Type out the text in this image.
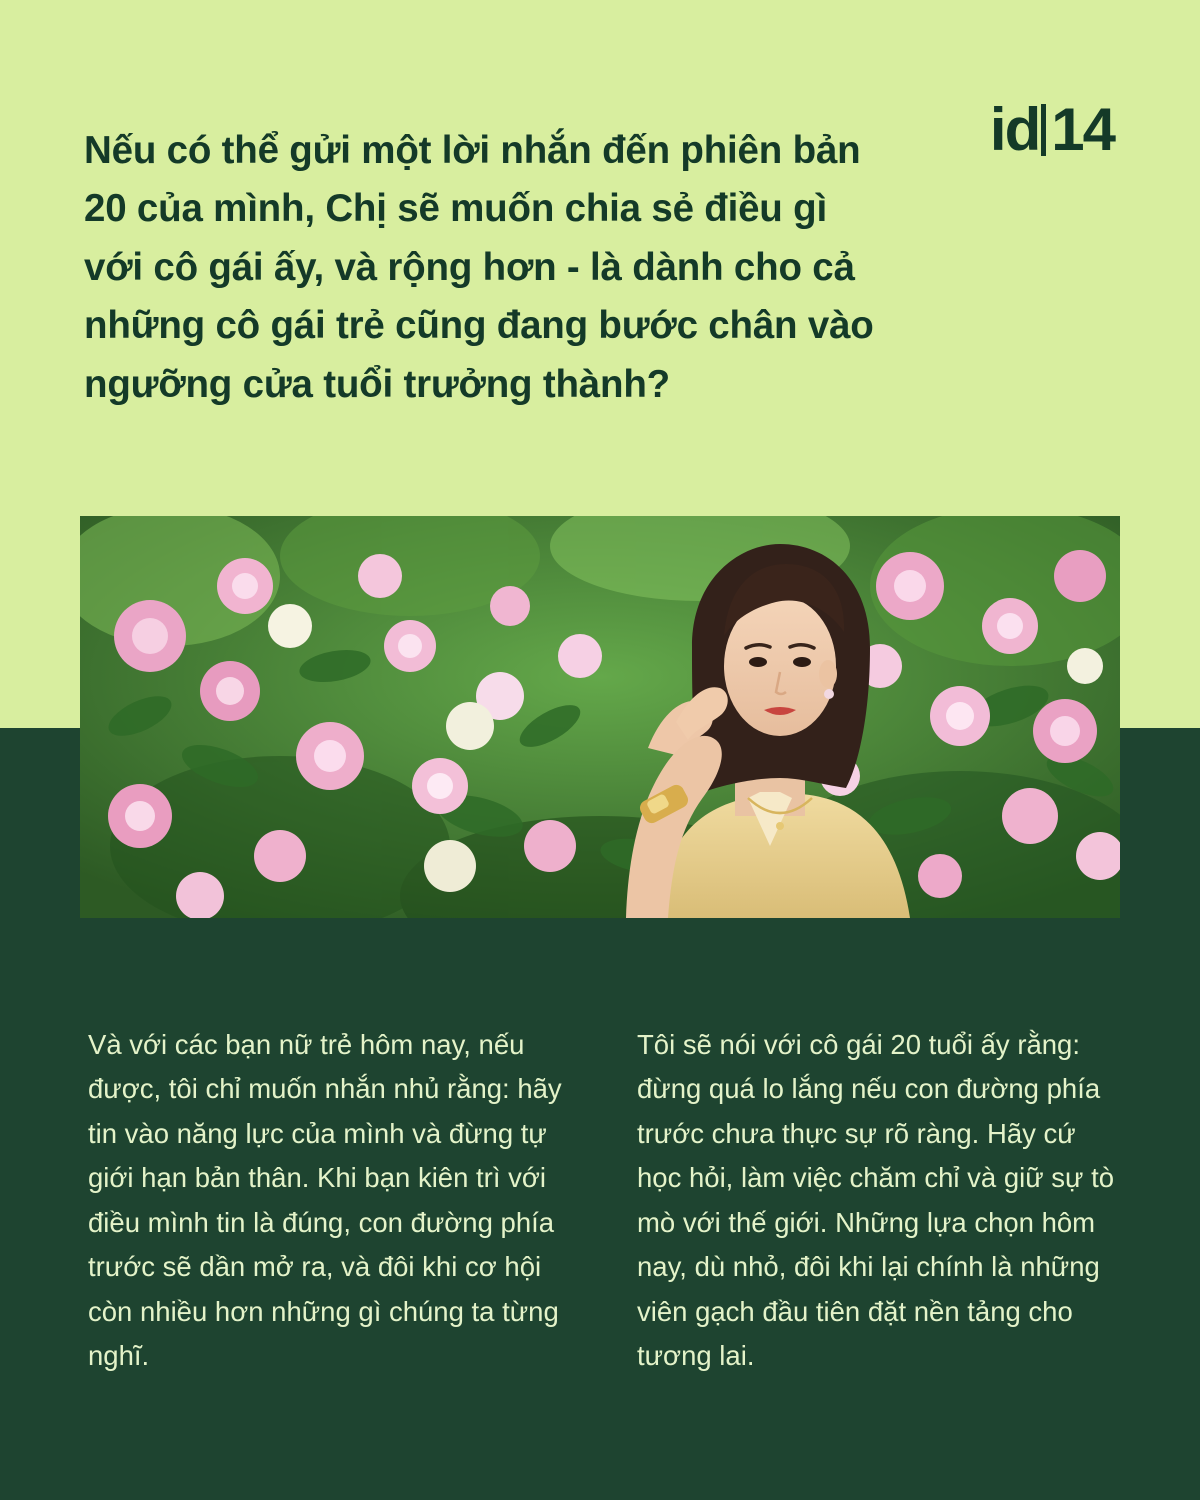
Nếu có thể gửi một lời nhắn đến phiên bản 20 của mình, Chị sẽ muốn chia sẻ điều gì với cô gái ấy, và rộng hơn - là dành cho cả những cô gái trẻ cũng đang bước chân vào ngưỡng cửa tuổi trưởng thành?
id 14

Và với các bạn nữ trẻ hôm nay, nếu được, tôi chỉ muốn nhắn nhủ rằng: hãy tin vào năng lực của mình và đừng tự giới hạn bản thân. Khi bạn kiên trì với điều mình tin là đúng, con đường phía trước sẽ dần mở ra, và đôi khi cơ hội còn nhiều hơn những gì chúng ta từng nghĩ.

Tôi sẽ nói với cô gái 20 tuổi ấy rằng: đừng quá lo lắng nếu con đường phía trước chưa thực sự rõ ràng. Hãy cứ học hỏi, làm việc chăm chỉ và giữ sự tò mò với thế giới. Những lựa chọn hôm nay, dù nhỏ, đôi khi lại chính là những viên gạch đầu tiên đặt nền tảng cho tương lai.
